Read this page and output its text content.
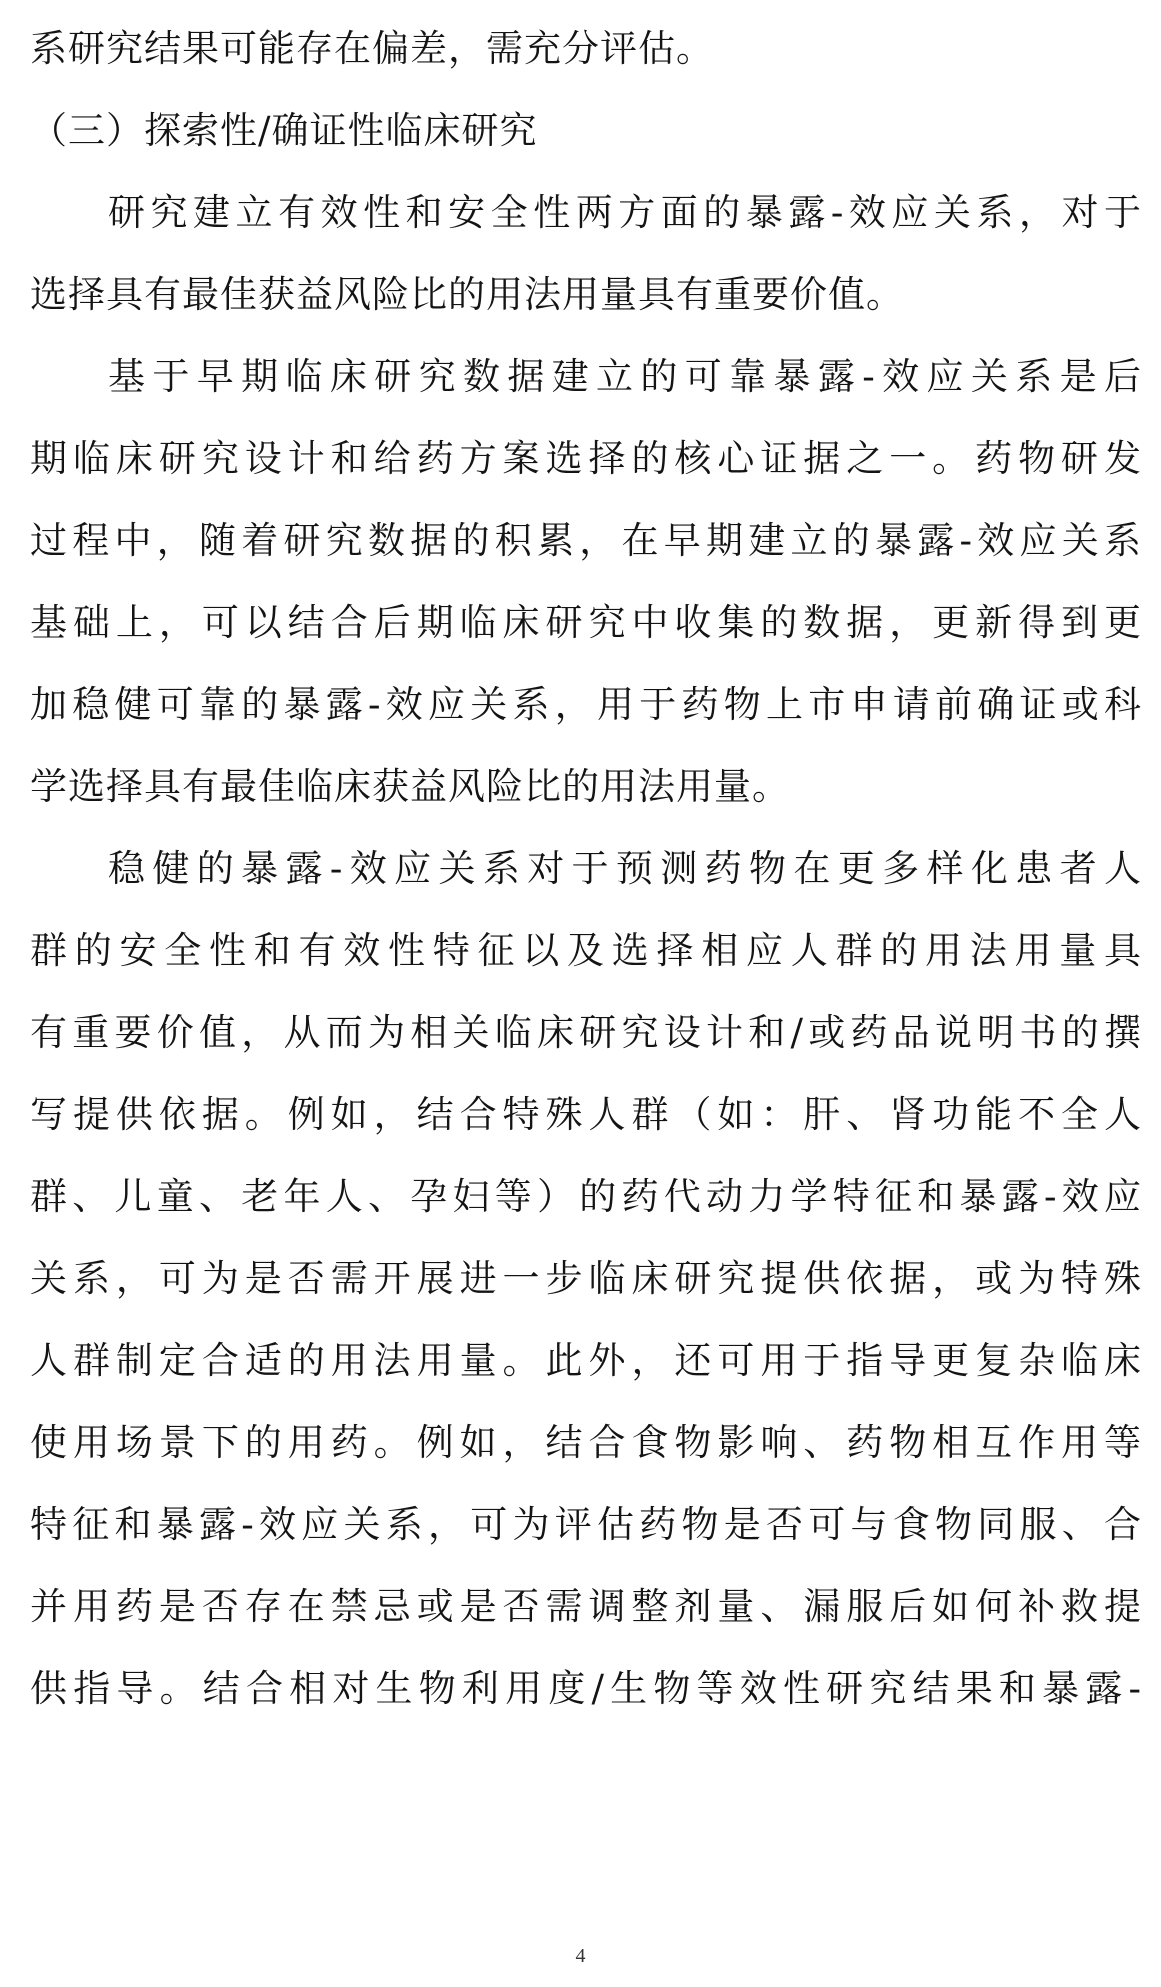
系研究结果可能存在偏差，需充分评估。
（三）探索性/确证性临床研究
研究建立有效性和安全性两方面的暴露-效应关系，对于
选择具有最佳获益风险比的用法用量具有重要价值。
基于早期临床研究数据建立的可靠暴露-效应关系是后
期临床研究设计和给药方案选择的核心证据之一。药物研发
过程中，随着研究数据的积累，在早期建立的暴露-效应关系
基础上，可以结合后期临床研究中收集的数据，更新得到更
加稳健可靠的暴露-效应关系，用于药物上市申请前确证或科
学选择具有最佳临床获益风险比的用法用量。
稳健的暴露-效应关系对于预测药物在更多样化患者人
群的安全性和有效性特征以及选择相应人群的用法用量具
有重要价值，从而为相关临床研究设计和/或药品说明书的撰
写提供依据。例如，结合特殊人群（如：肝、肾功能不全人
群、儿童、老年人、孕妇等）的药代动力学特征和暴露-效应
关系，可为是否需开展进一步临床研究提供依据，或为特殊
人群制定合适的用法用量。此外，还可用于指导更复杂临床
使用场景下的用药。例如，结合食物影响、药物相互作用等
特征和暴露-效应关系，可为评估药物是否可与食物同服、合
并用药是否存在禁忌或是否需调整剂量、漏服后如何补救提
供指导。结合相对生物利用度/生物等效性研究结果和暴露-
4
